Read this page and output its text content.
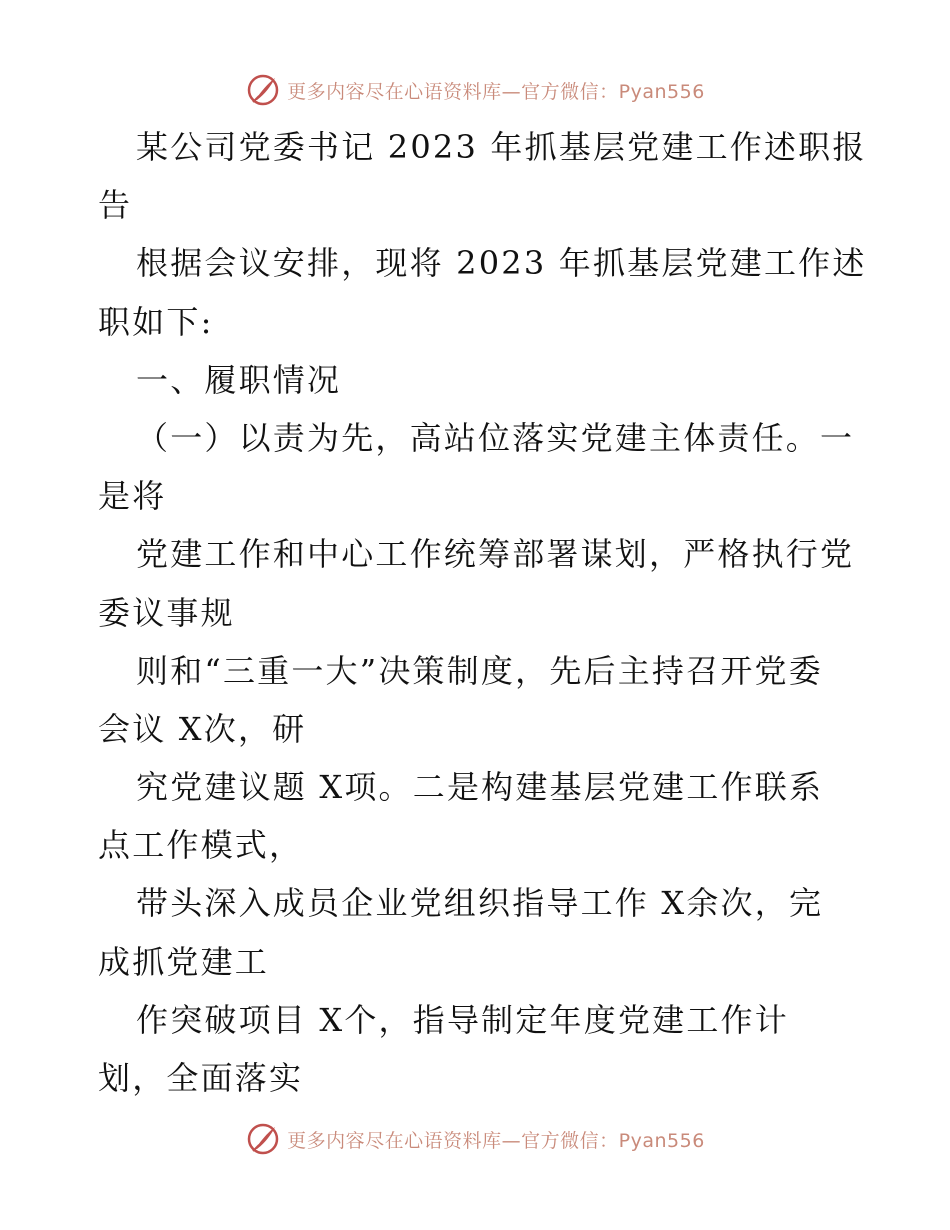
更多内容尽在心语资料库—官方微信：Pyan556
某公司党委书记 2023 年抓基层党建工作述职报
告
根据会议安排，现将 2023 年抓基层党建工作述
职如下:
一、履职情况
（一）以责为先，高站位落实党建主体责任。一
是将
党建工作和中心工作统筹部署谋划，严格执行党
委议事规
则和“三重一大”决策制度，先后主持召开党委
会议 X次，研
究党建议题 X项。二是构建基层党建工作联系
点工作模式，
带头深入成员企业党组织指导工作 X余次，完
成抓党建工
作突破项目 X个，指导制定年度党建工作计
划，全面落实
更多内容尽在心语资料库—官方微信：Pyan556
